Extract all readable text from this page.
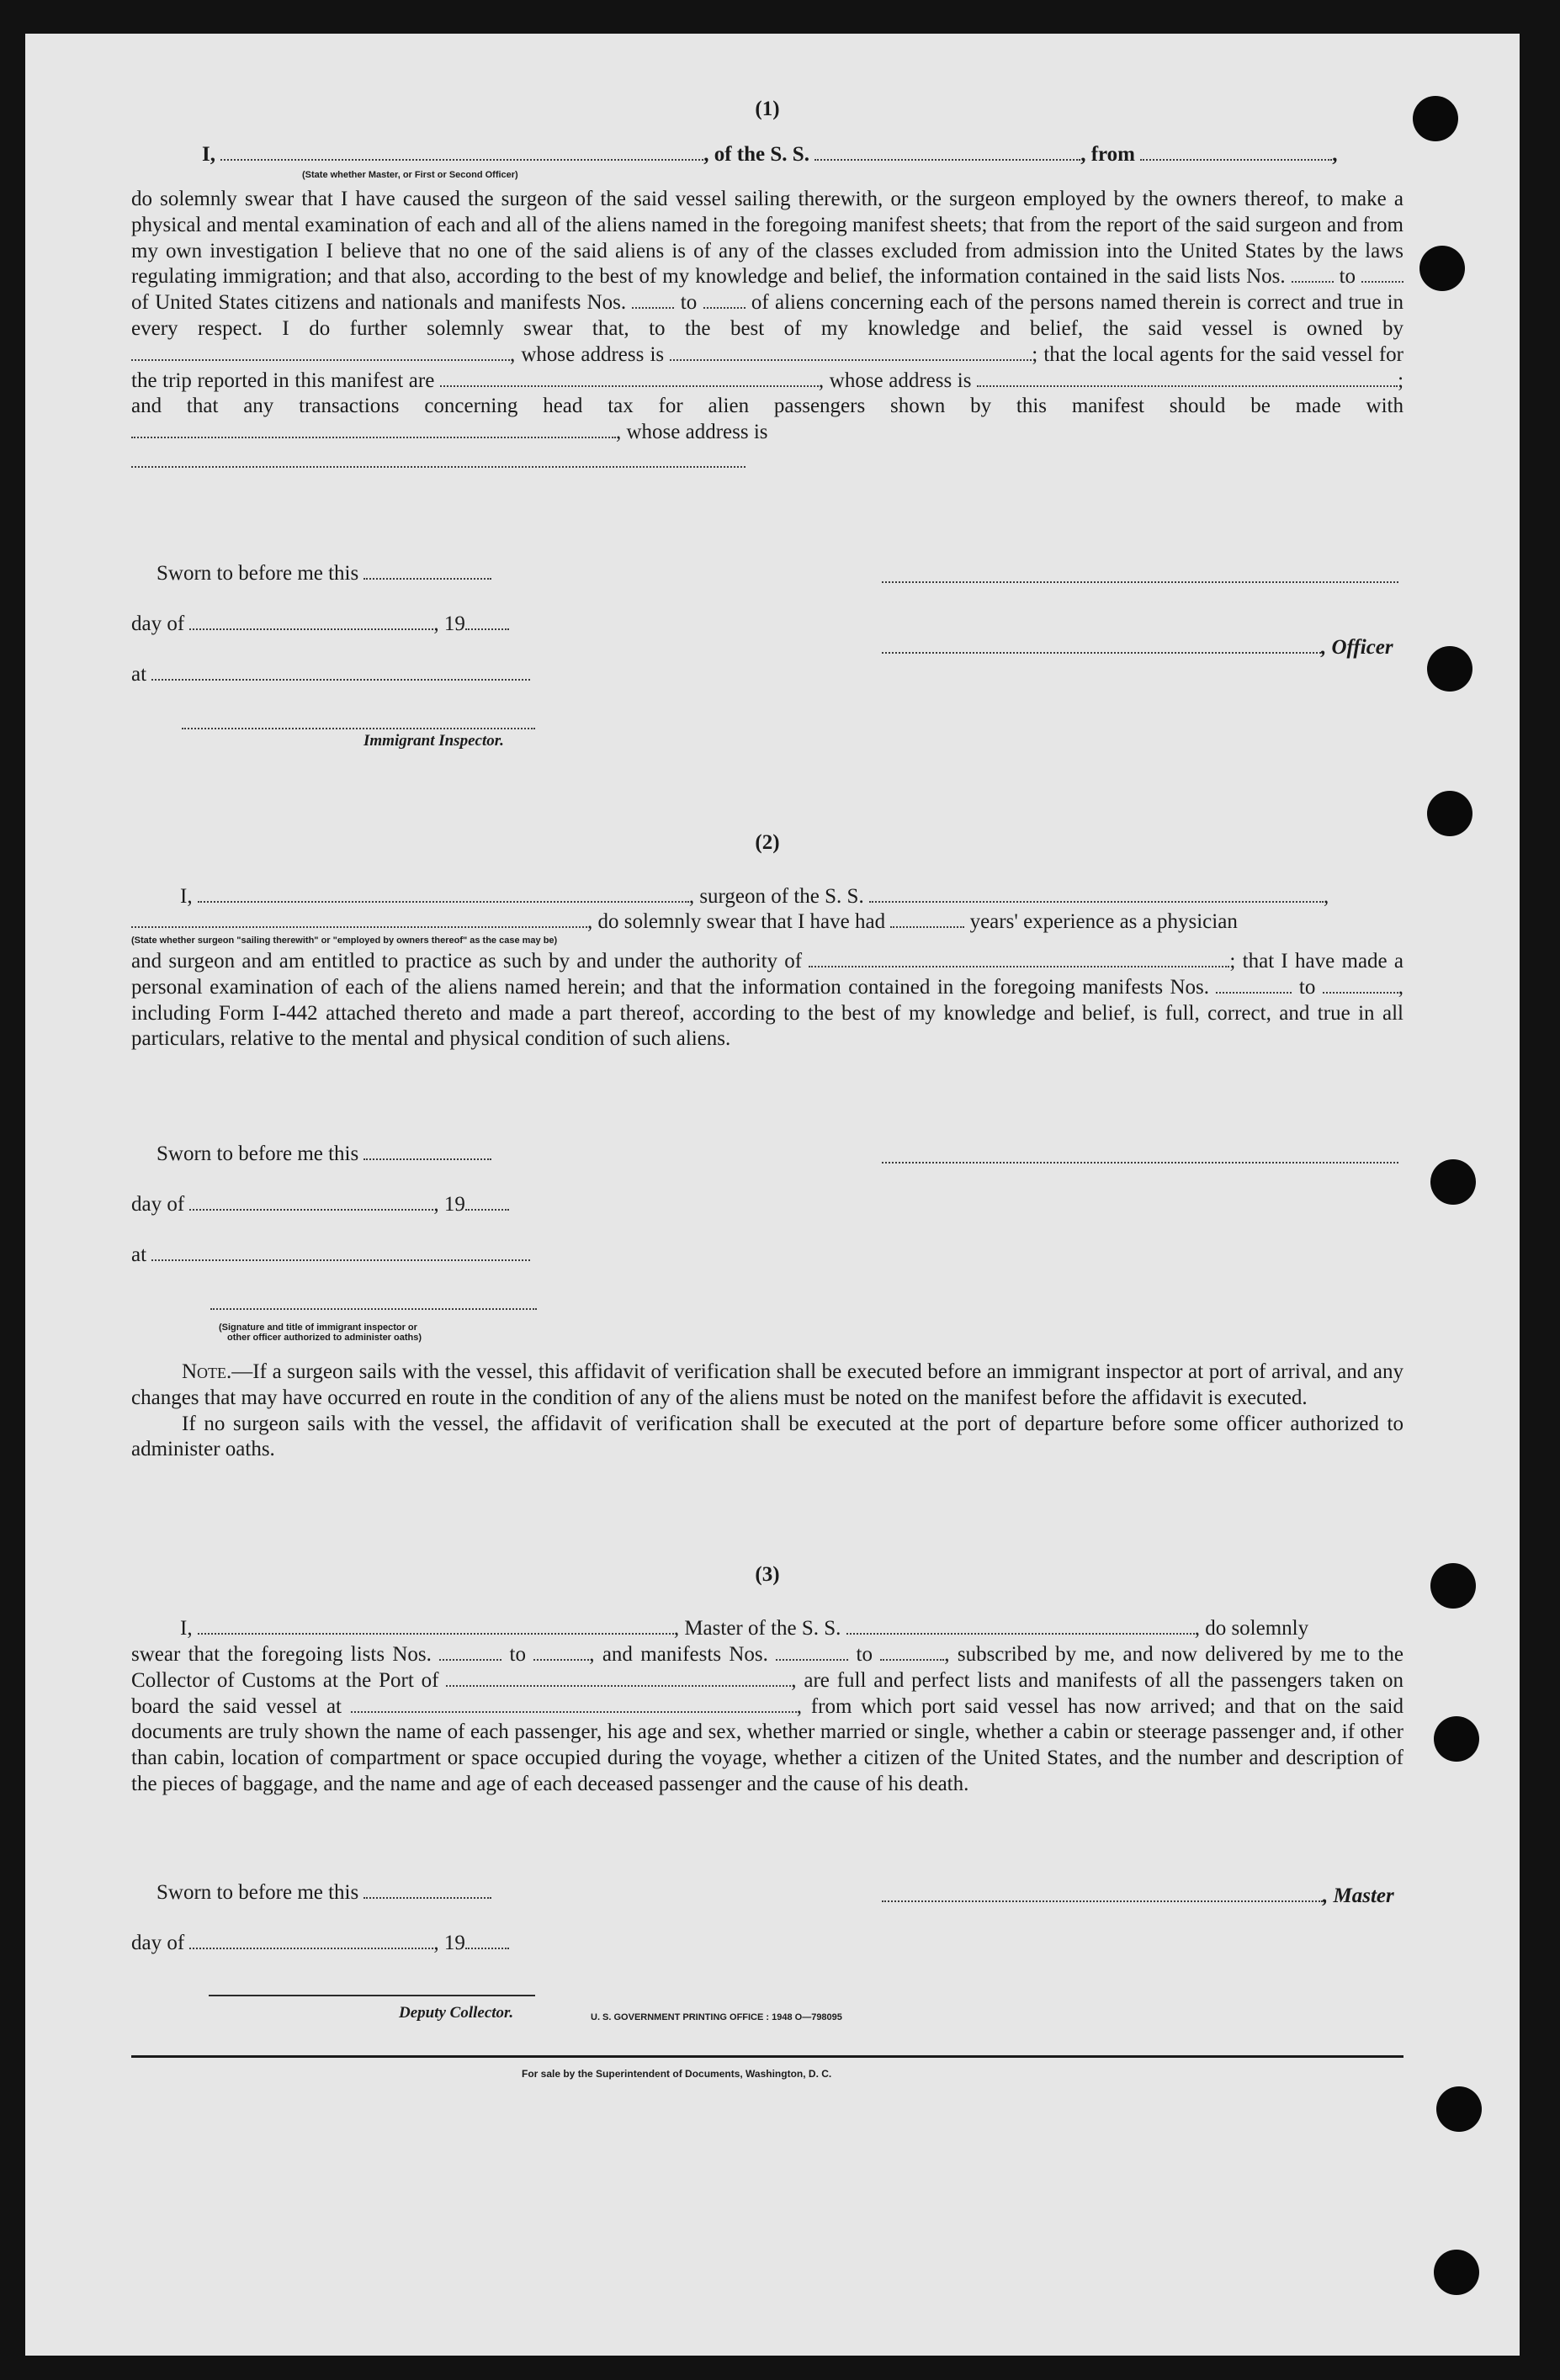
(1)
I,	, of the S. S.	, from	,
(State whether Master, or First or Second Officer)

do solemnly swear that I have caused the surgeon of the said vessel sailing therewith, or the surgeon employed by the owners thereof, to make a physical and mental examination of each and all of the aliens named in the foregoing manifest sheets; that from the report of the said surgeon and from my own investigation I believe that no one of the said aliens is of any of the classes excluded from admission into the United States by the laws regulating immigration; and that also, according to the best of my knowledge and belief, the information contained in the said lists Nos.	to  of United States citizens and nationals and manifests Nos.	to	of aliens concerning each of the persons named therein is correct and true in every respect. I do further solemnly swear that, to the best of my knowledge and belief, the said vessel is owned by , whose address is	; that the local agents for the said vessel for the trip reported in this manifest are	, whose address is	; and that any transactions concerning head tax for alien passengers shown by this manifest should be made with , whose address is

Sworn to before me this
day of	, 19
at
Immigrant Inspector.
, Officer
(2)
I,	, surgeon of the S. S.	,
, do solemnly swear that I have had	years' experience as a physician
(State whether surgeon "sailing therewith" or "employed by owners thereof" as the case may be)

and surgeon and am entitled to practice as such by and under the authority of	; that I have made a personal examination of each of the aliens named herein; and that the information contained in the foregoing manifests Nos.	to	, including Form I-442 attached thereto and made a part thereof, according to the best of my knowledge and belief, is full, correct, and true in all particulars, relative to the mental and physical condition of such aliens.

Sworn to before me this
day of	, 19
at
(Signature and title of immigrant inspector or
other officer authorized to administer oaths)

Note.—If a surgeon sails with the vessel, this affidavit of verification shall be executed before an immigrant inspector at port of arrival, and any changes that may have occurred en route in the condition of any of the aliens must be noted on the manifest before the affidavit is executed.

If no surgeon sails with the vessel, the affidavit of verification shall be executed at the port of departure before some officer authorized to administer oaths.

(3)
I,	, Master of the S. S.	, do solemnly

swear that the foregoing lists Nos.	to	, and manifests Nos.	to	, subscribed by me, and now delivered by me to the Collector of Customs at the Port of	, are full and perfect lists and manifests of all the passengers taken on board the said vessel at	, from which port said vessel has now arrived; and that on the said documents are truly shown the name of each passenger, his age and sex, whether married or single, whether a cabin or steerage passenger and, if other than cabin, location of compartment or space occupied during the voyage, whether a citizen of the United States, and the number and description of the pieces of baggage, and the name and age of each deceased passenger and the cause of his death.

Sworn to before me this	, Master
day of	, 19
Deputy Collector.	U. S. GOVERNMENT PRINTING OFFICE : 1948 O—798095
For sale by the Superintendent of Documents, Washington, D. C.
